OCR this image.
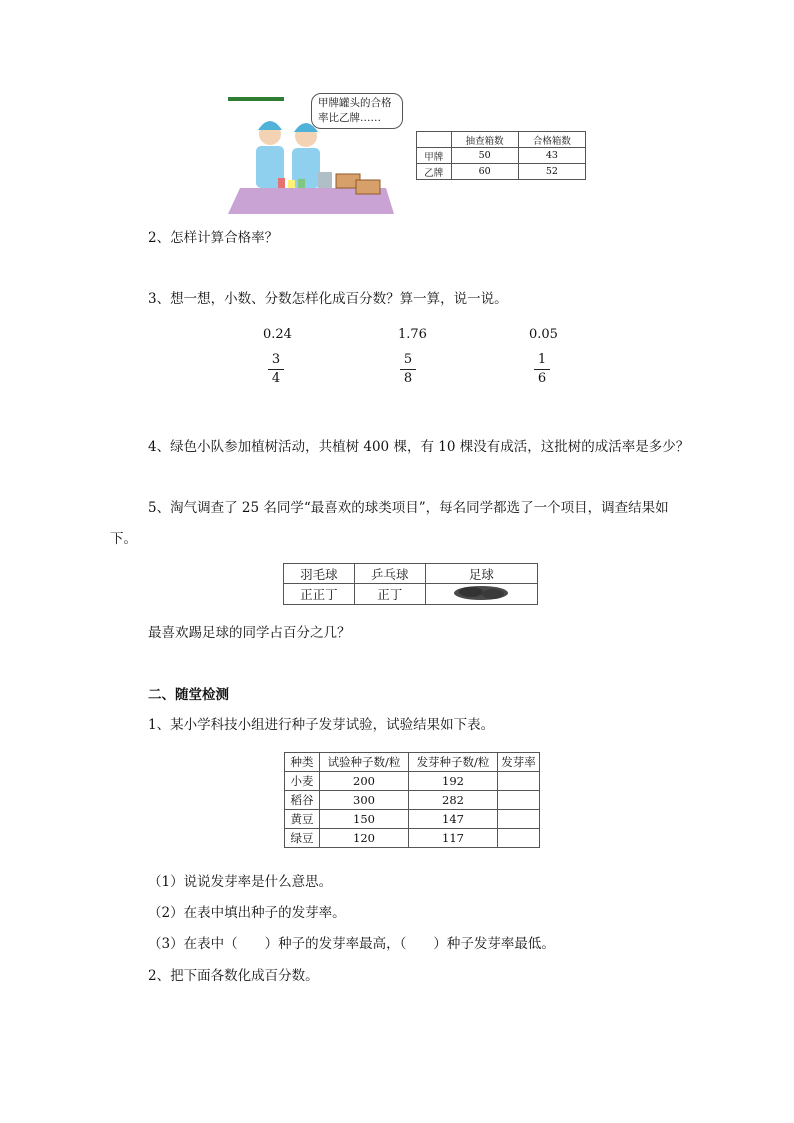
甲牌罐头的合格
率比乙牌……
	抽查箱数	合格箱数
甲牌	50	43
乙牌	60	52
2、怎样计算合格率？
3、想一想，小数、分数怎样化成百分数？算一算，说一说。
0.24	1.76	0.05
3
4
5
8
1
6
4、绿色小队参加植树活动，共植树 400 棵，有 10 棵没有成活，这批树的成活率是多少？
5、淘气调查了 25 名同学“最喜欢的球类项目”，每名同学都选了一个项目，调查结果如
下。
羽毛球	乒乓球	足球
正正丁	正丁	
最喜欢踢足球的同学占百分之几？
二、随堂检测
1、某小学科技小组进行种子发芽试验，试验结果如下表。
种类	试验种子数/粒	发芽种子数/粒	发芽率
小麦	200	192	
稻谷	300	282	
黄豆	150	147	
绿豆	120	117	
（1）说说发芽率是什么意思。
（2）在表中填出种子的发芽率。
（3）在表中（　　）种子的发芽率最高，（　　）种子发芽率最低。
2、把下面各数化成百分数。
